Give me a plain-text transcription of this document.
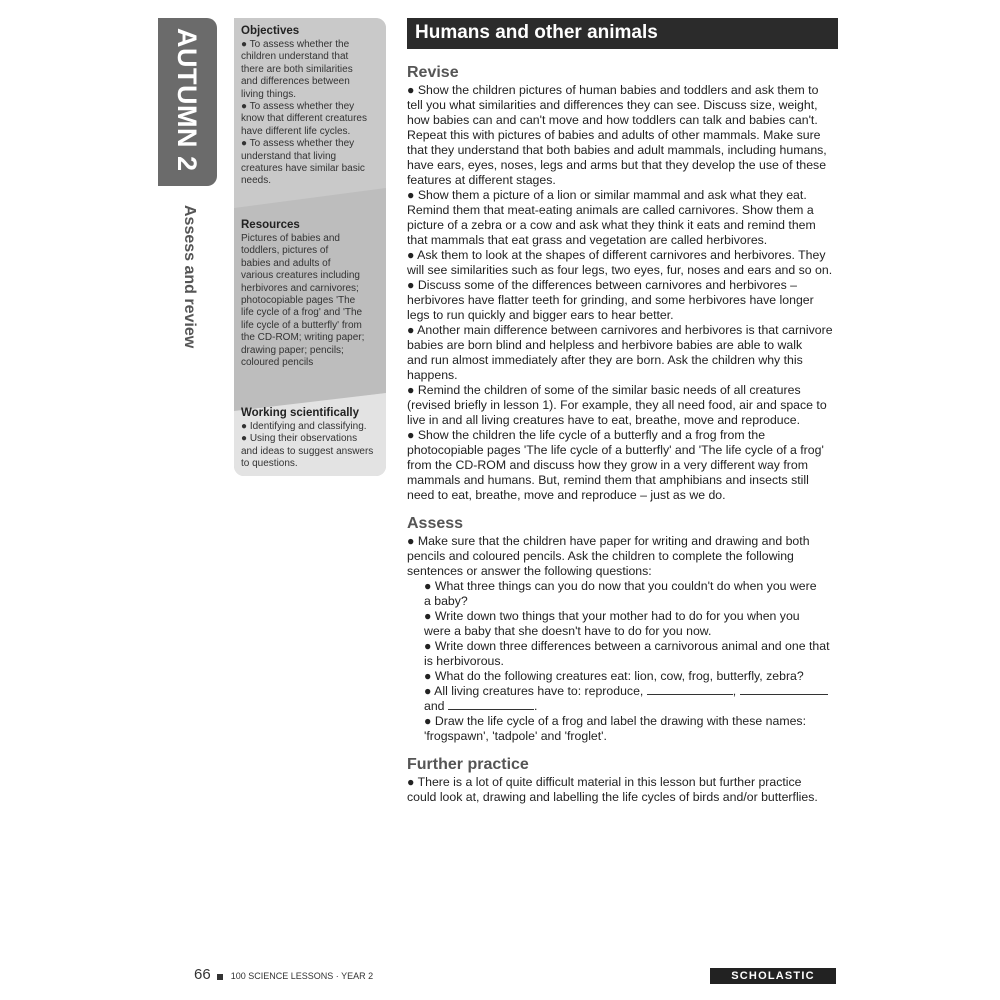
AUTUMN 2
Assess and review

Objectives

● To assess whether the

children understand that

there are both similarities

and differences between

living things.

● To assess whether they

know that different creatures

have different life cycles.

● To assess whether they

understand that living

creatures have similar basic

needs.

Resources

Pictures of babies and

toddlers, pictures of

babies and adults of

various creatures including

herbivores and carnivores;

photocopiable pages 'The

life cycle of a frog' and 'The

life cycle of a butterfly' from

the CD-ROM; writing paper;

drawing paper; pencils;

coloured pencils

Working scientifically

● Identifying and classifying.

● Using their observations

and ideas to suggest answers

to questions.

Humans and other animals

Revise

● Show the children pictures of human babies and toddlers and ask them to

tell you what similarities and differences they can see. Discuss size, weight,

how babies can and can't move and how toddlers can talk and babies can't.

Repeat this with pictures of babies and adults of other mammals. Make sure

that they understand that both babies and adult mammals, including humans,

have ears, eyes, noses, legs and arms but that they develop the use of these

features at different stages.

● Show them a picture of a lion or similar mammal and ask what they eat.

Remind them that meat-eating animals are called carnivores. Show them a

picture of a zebra or a cow and ask what they think it eats and remind them

that mammals that eat grass and vegetation are called herbivores.

● Ask them to look at the shapes of different carnivores and herbivores. They

will see similarities such as four legs, two eyes, fur, noses and ears and so on.

● Discuss some of the differences between carnivores and herbivores –

herbivores have flatter teeth for grinding, and some herbivores have longer

legs to run quickly and bigger ears to hear better.

● Another main difference between carnivores and herbivores is that carnivore

babies are born blind and helpless and herbivore babies are able to walk

and run almost immediately after they are born. Ask the children why this

happens.

● Remind the children of some of the similar basic needs of all creatures

(revised briefly in lesson 1). For example, they all need food, air and space to

live in and all living creatures have to eat, breathe, move and reproduce.

● Show the children the life cycle of a butterfly and a frog from the

photocopiable pages 'The life cycle of a butterfly' and 'The life cycle of a frog'

from the CD-ROM and discuss how they grow in a very different way from

mammals and humans. But, remind them that amphibians and insects still

need to eat, breathe, move and reproduce – just as we do.

Assess

● Make sure that the children have paper for writing and drawing and both

pencils and coloured pencils. Ask the children to complete the following

sentences or answer the following questions:

● What three things can you do now that you couldn't do when you were

a baby?

● Write down two things that your mother had to do for you when you

were a baby that she doesn't have to do for you now.

● Write down three differences between a carnivorous animal and one that

is herbivorous.

● What do the following creatures eat: lion, cow, frog, butterfly, zebra?

● All living creatures have to: reproduce,	,

and	.

● Draw the life cycle of a frog and label the drawing with these names:

'frogspawn', 'tadpole' and 'froglet'.

Further practice

● There is a lot of quite difficult material in this lesson but further practice

could look at, drawing and labelling the life cycles of birds and/or butterflies.

66 100 SCIENCE LESSONS · YEAR 2	SCHOLASTIC
